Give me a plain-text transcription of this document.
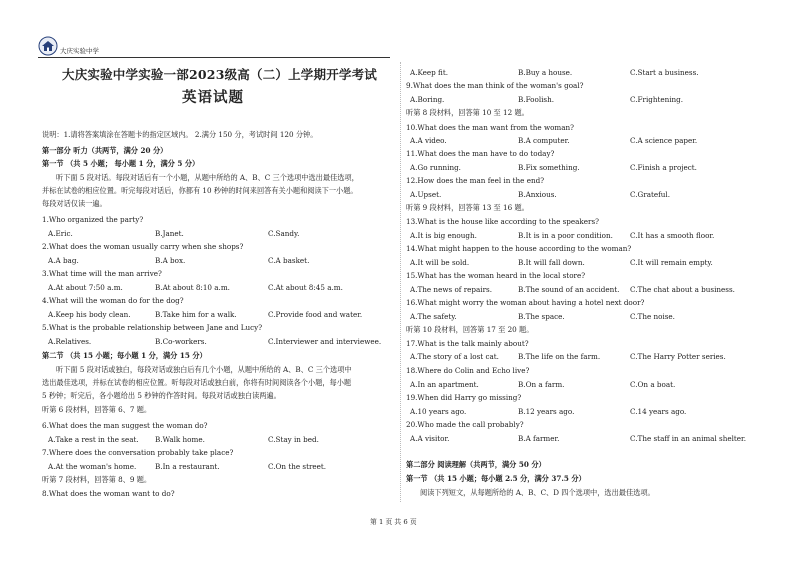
大庆实验中学
大庆实验中学实验一部2023级高（二）上学期开学考试
英语试题
说明：1.请将答案填涂在答题卡的指定区域内。 2.满分 150 分，考试时间 120 分钟。
第一部分 听力（共两节，满分 20 分）
第一节 （共 5 小题； 每小题 1 分，满分 5 分）
听下面 5 段对话。每段对话后有一个小题，从题中所给的 A、B、C 三个选项中选出最佳选项，
并标在试卷的相应位置。听完每段对话后，你都有 10 秒钟的时间来回答有关小题和阅读下一小题。
每段对话仅读一遍。
1.Who organized the party?
A.Eric.	B.Janet.	C.Sandy.
2.What does the woman usually carry when she shops?
A.A bag.	B.A box.	C.A basket.
3.What time will the man arrive?
A.At about 7:50 a.m.	B.At about 8:10 a.m.	C.At about 8:45 a.m.
4.What will the woman do for the dog?
A.Keep his body clean.	B.Take him for a walk.	C.Provide food and water.
5.What is the probable relationship between Jane and Lucy?
A.Relatives.	B.Co-workers.	C.Interviewer and interviewee.
第二节 （共 15 小题；每小题 1 分，满分 15 分）
听下面 5 段对话或独白，每段对话或独白后有几个小题，从题中所给的 A、B、C 三个选项中
选出最佳选项，并标在试卷的相应位置。听每段对话或独白前，你将有时间阅读各个小题，每小题
5 秒钟；听完后，各小题给出 5 秒钟的作答时间。每段对话或独白读两遍。
听第 6 段材料，回答第 6、7 题。
6.What does the man suggest the woman do?
A.Take a rest in the seat. B.Walk home.	C.Stay in bed.
7.Where does the conversation probably take place?
A.At the woman's home.	B.In a restaurant.	C.On the street.
听第 7 段材料，回答第 8、9 题。
8.What does the woman want to do?
A.Keep fit.	B.Buy a house.	C.Start a business.
9.What does the man think of the woman's goal?
A.Boring.	B.Foolish.	C.Frightening.
听第 8 段材料，回答第 10 至 12 题。
10.What does the man want from the woman?
A.A video.	B.A computer.	C.A science paper.
11.What does the man have to do today?
A.Go running.	B.Fix something.	C.Finish a project.
12.How does the man feel in the end?
A.Upset.	B.Anxious.	C.Grateful.
听第 9 段材料，回答第 13 至 16 题。
13.What is the house like according to the speakers?
A.It is big enough.	B.It is in a poor condition. C.It has a smooth floor.
14.What might happen to the house according to the woman?
A.It will be sold.	B.It will fall down.	C.It will remain empty.
15.What has the woman heard in the local store?
A.The news of repairs.	B.The sound of an accident. C.The chat about a business.
16.What might worry the woman about having a hotel next door?
A.The safety.	B.The space.	C.The noise.
听第 10 段材料，回答第 17 至 20 题。
17.What is the talk mainly about?
A.The story of a lost cat.	B.The life on the farm.	C.The Harry Potter series.
18.Where do Colin and Echo live?
A.In an apartment.	B.On a farm.	C.On a boat.
19.When did Harry go missing?
A.10 years ago.	B.12 years ago.	C.14 years ago.
20.Who made the call probably?
A.A visitor.	B.A farmer.	C.The staff in an animal shelter.
第二部分 阅读理解（共两节，满分 50 分）
第一节 （共 15 小题；每小题 2.5 分，满分 37.5 分）
阅读下列短文，从每题所给的 A、B、C、D 四个选项中，选出最佳选项。
第 1 页 共 6 页
